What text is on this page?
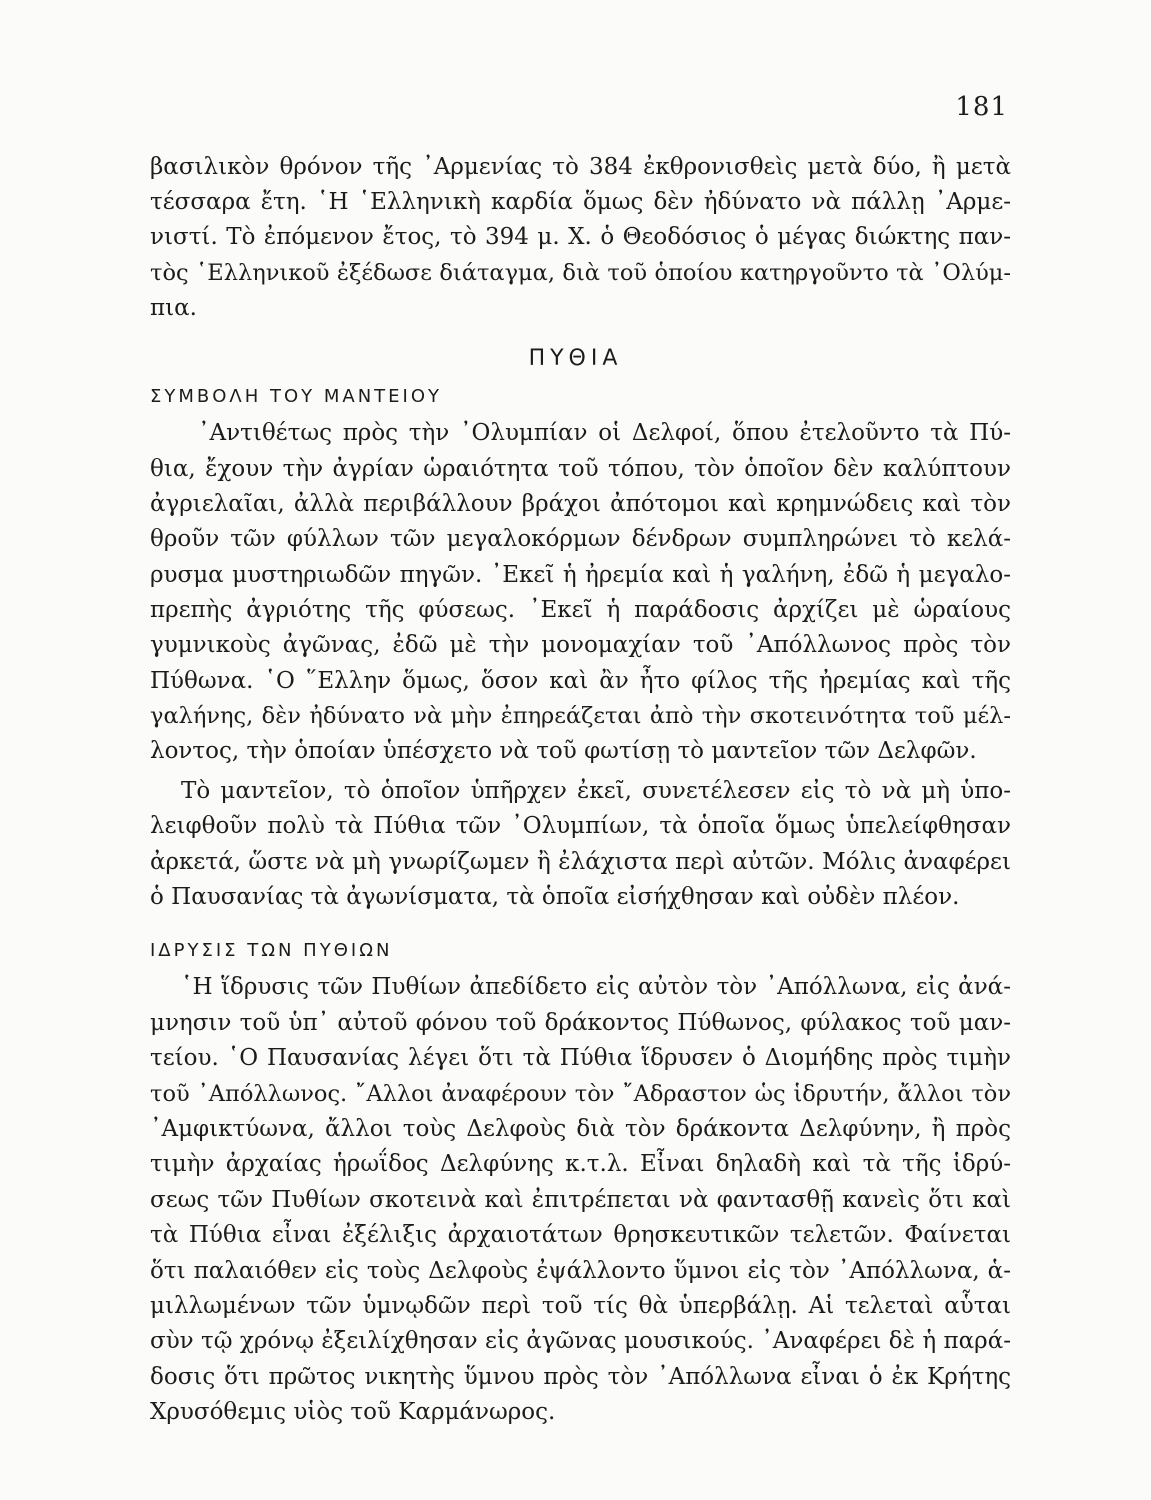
181
βασιλικὸν θρόνον τῆς ᾿Αρμενίας τὸ 384 ἐκθρονισθεὶς μετὰ δύο, ἢ μετὰ
τέσσαρα ἔτη. ῾Η ῾Ελληνικὴ καρδία ὅμως δὲν ἠδύνατο νὰ πάλλῃ ᾿Αρμε-
νιστί. Τὸ ἐπόμενον ἔτος, τὸ 394 μ. Χ. ὁ Θεοδόσιος ὁ μέγας διώκτης παν-
τὸς ῾Ελληνικοῦ ἐξέδωσε διάταγμα, διὰ τοῦ ὁποίου κατηργοῦντο τὰ ᾿Ολύμ-
πια.
ΠΥΘΙΑ
ΣΥΜΒΟΛΗ ΤΟΥ ΜΑΝΤΕΙΟΥ
᾿Αντιθέτως πρὸς τὴν ᾿Ολυμπίαν οἱ Δελφοί, ὅπου ἐτελοῦντο τὰ Πύ-
θια, ἔχουν τὴν ἀγρίαν ὡραιότητα τοῦ τόπου, τὸν ὁποῖον δὲν καλύπτουν
ἀγριελαῖαι, ἀλλὰ περιβάλλουν βράχοι ἀπότομοι καὶ κρημνώδεις καὶ τὸν
θροῦν τῶν φύλλων τῶν μεγαλοκόρμων δένδρων συμπληρώνει τὸ κελά-
ρυσμα μυστηριωδῶν πηγῶν. ᾿Εκεῖ ἡ ἠρεμία καὶ ἡ γαλήνη, ἐδῶ ἡ μεγαλο-
πρεπὴς ἀγριότης τῆς φύσεως. ᾿Εκεῖ ἡ παράδοσις ἀρχίζει μὲ ὡραίους
γυμνικοὺς ἀγῶνας, ἐδῶ μὲ τὴν μονομαχίαν τοῦ ᾿Απόλλωνος πρὸς τὸν
Πύθωνα. ῾Ο ῞Ελλην ὅμως, ὅσον καὶ ἂν ἦτο φίλος τῆς ἠρεμίας καὶ τῆς
γαλήνης, δὲν ἠδύνατο νὰ μὴν ἐπηρεάζεται ἀπὸ τὴν σκοτεινότητα τοῦ μέλ-
λοντος, τὴν ὁποίαν ὑπέσχετο νὰ τοῦ φωτίσῃ τὸ μαντεῖον τῶν Δελφῶν.
Τὸ μαντεῖον, τὸ ὁποῖον ὑπῆρχεν ἐκεῖ, συνετέλεσεν εἰς τὸ νὰ μὴ ὑπο-
λειφθοῦν πολὺ τὰ Πύθια τῶν ᾿Ολυμπίων, τὰ ὁποῖα ὅμως ὑπελείφθησαν
ἀρκετά, ὥστε νὰ μὴ γνωρίζωμεν ἢ ἐλάχιστα περὶ αὐτῶν. Μόλις ἀναφέρει
ὁ Παυσανίας τὰ ἀγωνίσματα, τὰ ὁποῖα εἰσήχθησαν καὶ οὐδὲν πλέον.
ΙΔΡΥΣΙΣ ΤΩΝ ΠΥΘΙΩΝ
῾Η ἵδρυσις τῶν Πυθίων ἀπεδίδετο εἰς αὐτὸν τὸν ᾿Απόλλωνα, εἰς ἀνά-
μνησιν τοῦ ὑπ᾿ αὐτοῦ φόνου τοῦ δράκοντος Πύθωνος, φύλακος τοῦ μαν-
τείου. ῾Ο Παυσανίας λέγει ὅτι τὰ Πύθια ἵδρυσεν ὁ Διομήδης πρὸς τιμὴν
τοῦ ᾿Απόλλωνος. ῎Αλλοι ἀναφέρουν τὸν ῎Αδραστον ὡς ἱδρυτήν, ἄλλοι τὸν
᾿Αμφικτύωνα, ἄλλοι τοὺς Δελφοὺς διὰ τὸν δράκοντα Δελφύνην, ἢ πρὸς
τιμὴν ἀρχαίας ἡρωΐδος Δελφύνης κ.τ.λ. Εἶναι δηλαδὴ καὶ τὰ τῆς ἱδρύ-
σεως τῶν Πυθίων σκοτεινὰ καὶ ἐπιτρέπεται νὰ φαντασθῇ κανεὶς ὅτι καὶ
τὰ Πύθια εἶναι ἐξέλιξις ἀρχαιοτάτων θρησκευτικῶν τελετῶν. Φαίνεται
ὅτι παλαιόθεν εἰς τοὺς Δελφοὺς ἐψάλλοντο ὕμνοι εἰς τὸν ᾿Απόλλωνα, ἁ-
μιλλωμένων τῶν ὑμνῳδῶν περὶ τοῦ τίς θὰ ὑπερβάλῃ. Αἱ τελεταὶ αὗται
σὺν τῷ χρόνῳ ἐξειλίχθησαν εἰς ἀγῶνας μουσικούς. ᾿Αναφέρει δὲ ἡ παρά-
δοσις ὅτι πρῶτος νικητὴς ὕμνου πρὸς τὸν ᾿Απόλλωνα εἶναι ὁ ἐκ Κρήτης
Χρυσόθεμις υἱὸς τοῦ Καρμάνωρος.
